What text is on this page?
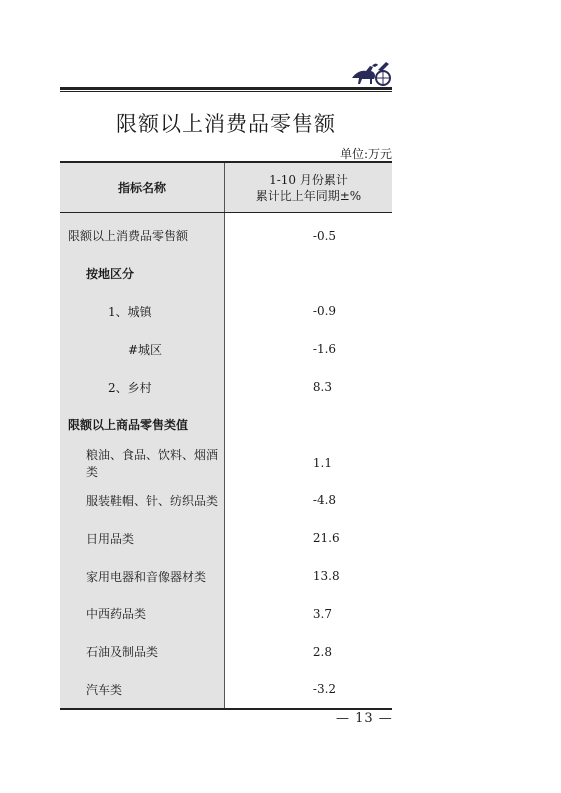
限额以上消费品零售额
单位:万元
指标名称	1-10 月份累计
累计比上年同期±%
限额以上消费品零售额	-0.5
按地区分	
1、城镇	-0.9
#城区	-1.6
2、乡村	8.3
限额以上商品零售类值	
粮油、食品、饮料、烟酒类	1.1
服装鞋帽、针、纺织品类	-4.8
日用品类	21.6
家用电器和音像器材类	13.8
中西药品类	3.7
石油及制品类	2.8
汽车类	-3.2
— 13 —
